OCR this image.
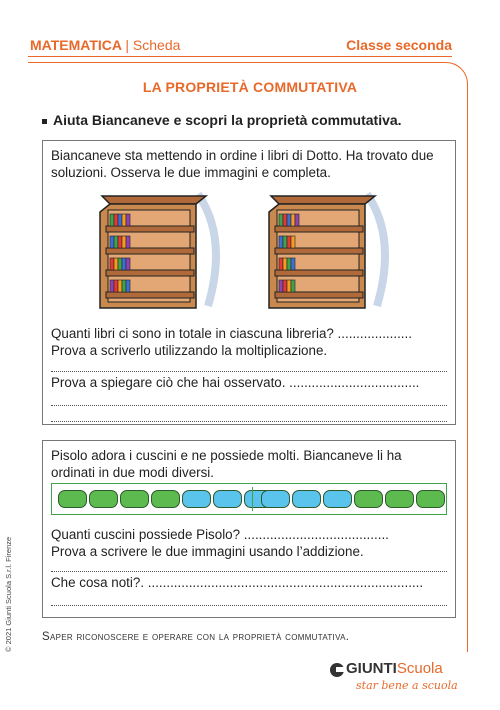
MATEMATICA | Scheda	Classe seconda
LA PROPRIETÀ COMMUTATIVA
Aiuta Biancaneve e scopri la proprietà commutativa.
Biancaneve sta mettendo in ordine i libri di Dotto. Ha trovato due soluzioni. Osserva le due immagini e completa.
Quanti libri ci sono in totale in ciascuna libreria? ....................
Prova a scriverlo utilizzando la moltiplicazione.
Prova a spiegare ciò che hai osservato. ...................................
Pisolo adora i cuscini e ne possiede molti. Biancaneve li ha ordinati in due modi diversi.
Quanti cuscini possiede Pisolo? .......................................
Prova a scrivere le due immagini usando l’addizione.
Che cosa noti?. ..........................................................................
Saper riconoscere e operare con la proprietà commutativa.
© 2021 Giunti Scuola S.r.l. Firenze
GIUNTIScuola
star bene a scuola
